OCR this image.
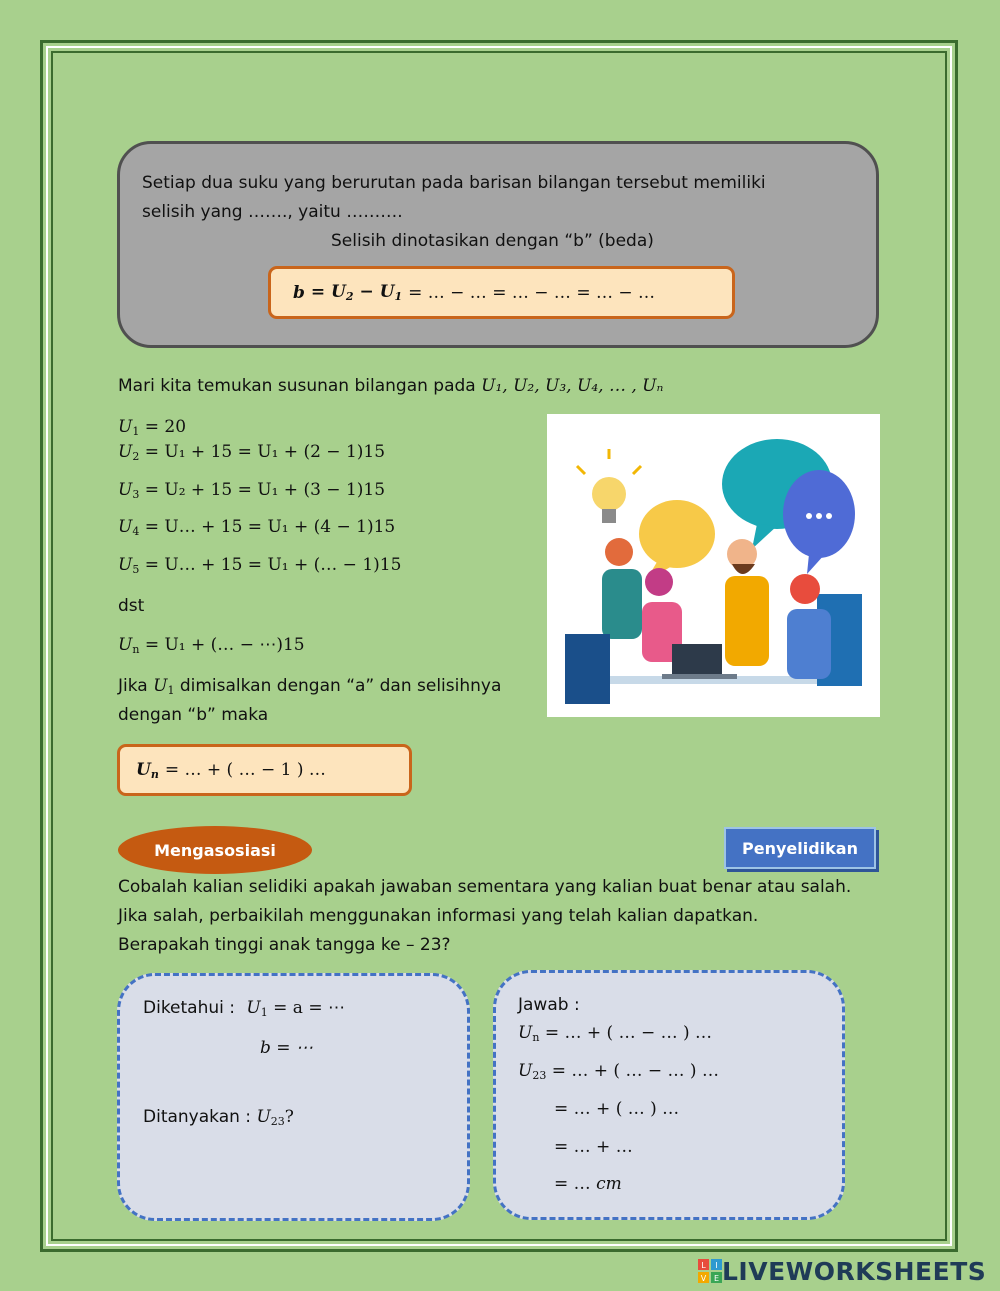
Setiap dua suku yang berurutan pada barisan bilangan tersebut memiliki
selisih yang ……., yaitu ……….
Selisih dinotasikan dengan “b” (beda)
$b = U_2 - U_1$ = … − … = … − … = … − …
Mari kita temukan susunan bilangan pada U₁, U₂, U₃, U₄, … , Uₙ
$U_1 = 20$
$U_2 = U_1 + 15 = U_1 + (2 - 1)15$
$U_3 = U_2 + 15 = U_1 + (3 - 1)15$
$U_4$ = U… + 15 = U₁ + (4 − 1)15
$U_5$ = U… + 15 = U₁ + (… − 1)15
dst
$U_n = U_1$ + (… − ⋯)15
Jika $U_1$ dimisalkan dengan “a” dan selisihnya
dengan “b” maka
$U_n$ = … + ( … − 1 ) …
Mengasosiasi	Penyelidikan
Cobalah kalian selidiki apakah jawaban sementara yang kalian buat benar atau salah.
Jika salah, perbaikilah menggunakan informasi yang telah kalian dapatkan.
Berapakah tinggi anak tangga ke – 23?
Diketahui : $U_1 = a$ = ⋯
b = ⋯
Ditanyakan : $U_{23}$?
Jawab :
$U_n$ = … + ( … − … ) …
$U_{23}$ = … + ( … − … ) …
= … + ( … ) …
= … + …
= … cm
L I
V E LIVEWORKSHEETS
